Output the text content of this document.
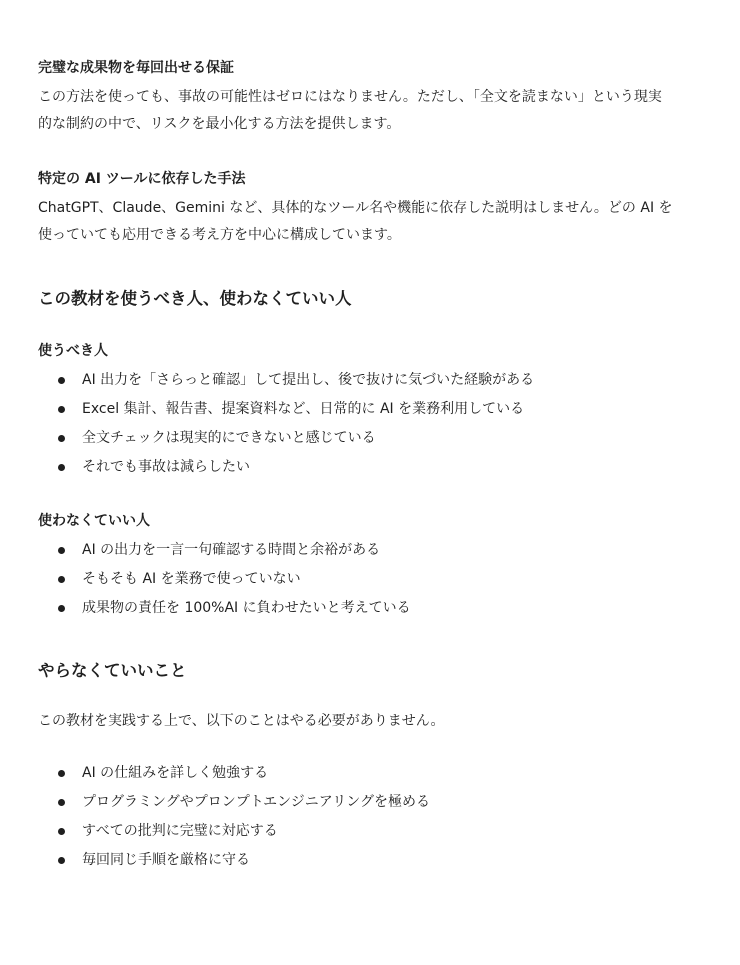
完璧な成果物を毎回出せる保証
この方法を使っても、事故の可能性はゼロにはなりません。ただし、「全文を読まない」という現実
的な制約の中で、リスクを最小化する方法を提供します。
特定の AI ツールに依存した手法
ChatGPT、Claude、Gemini など、具体的なツール名や機能に依存した説明はしません。どの AI を
使っていても応用できる考え方を中心に構成しています。
この教材を使うべき人、使わなくていい人
使うべき人
AI 出力を「さらっと確認」して提出し、後で抜けに気づいた経験がある
Excel 集計、報告書、提案資料など、日常的に AI を業務利用している
全文チェックは現実的にできないと感じている
それでも事故は減らしたい
使わなくていい人
AI の出力を一言一句確認する時間と余裕がある
そもそも AI を業務で使っていない
成果物の責任を 100%AI に負わせたいと考えている
やらなくていいこと
この教材を実践する上で、以下のことはやる必要がありません。
AI の仕組みを詳しく勉強する
プログラミングやプロンプトエンジニアリングを極める
すべての批判に完璧に対応する
毎回同じ手順を厳格に守る
